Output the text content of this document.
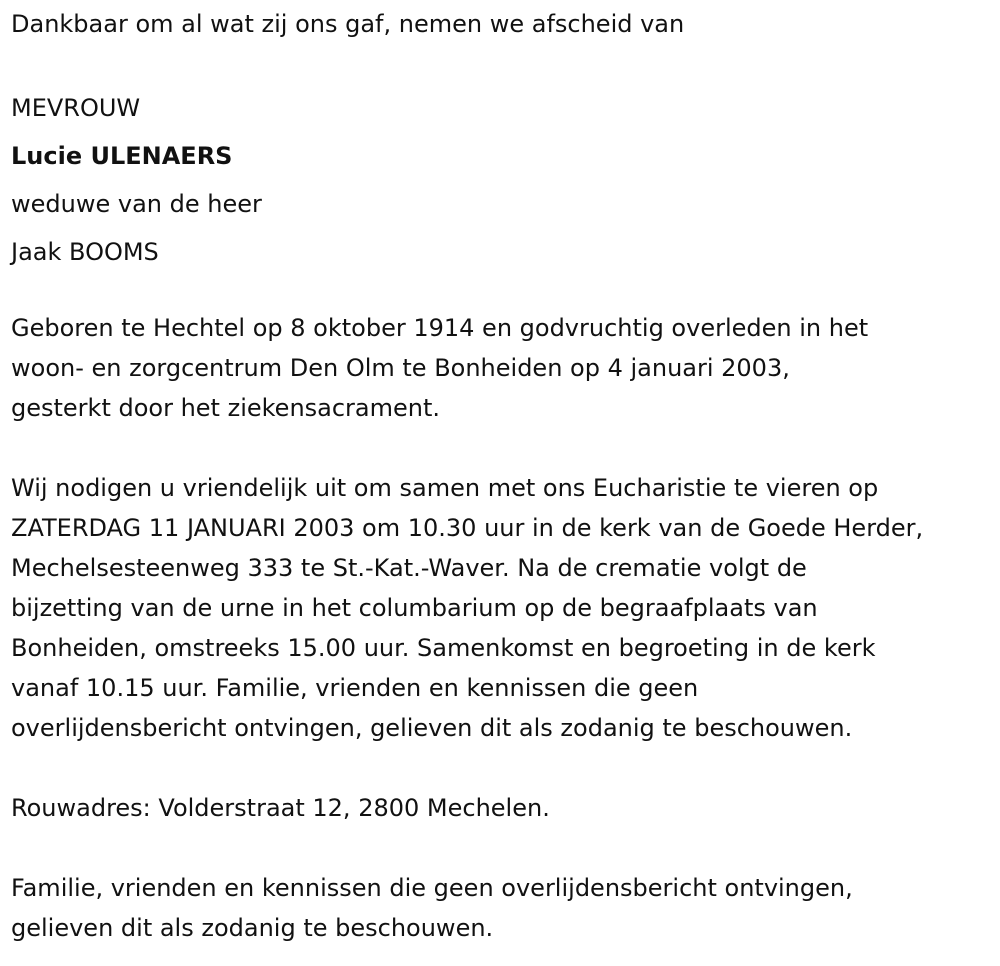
Dankbaar om al wat zij ons gaf, nemen we afscheid van
MEVROUW
Lucie ULENAERS
weduwe van de heer
Jaak BOOMS
Geboren te Hechtel op 8 oktober 1914 en godvruchtig overleden in het
woon- en zorgcentrum Den Olm te Bonheiden op 4 januari 2003,
gesterkt door het ziekensacrament.
Wij nodigen u vriendelijk uit om samen met ons Eucharistie te vieren op
ZATERDAG 11 JANUARI 2003 om 10.30 uur in de kerk van de Goede Herder,
Mechelsesteenweg 333 te St.-Kat.-Waver. Na de crematie volgt de
bijzetting van de urne in het columbarium op de begraafplaats van
Bonheiden, omstreeks 15.00 uur. Samenkomst en begroeting in de kerk
vanaf 10.15 uur. Familie, vrienden en kennissen die geen
overlijdensbericht ontvingen, gelieven dit als zodanig te beschouwen.
Rouwadres: Volderstraat 12, 2800 Mechelen.
Familie, vrienden en kennissen die geen overlijdensbericht ontvingen,
gelieven dit als zodanig te beschouwen.
